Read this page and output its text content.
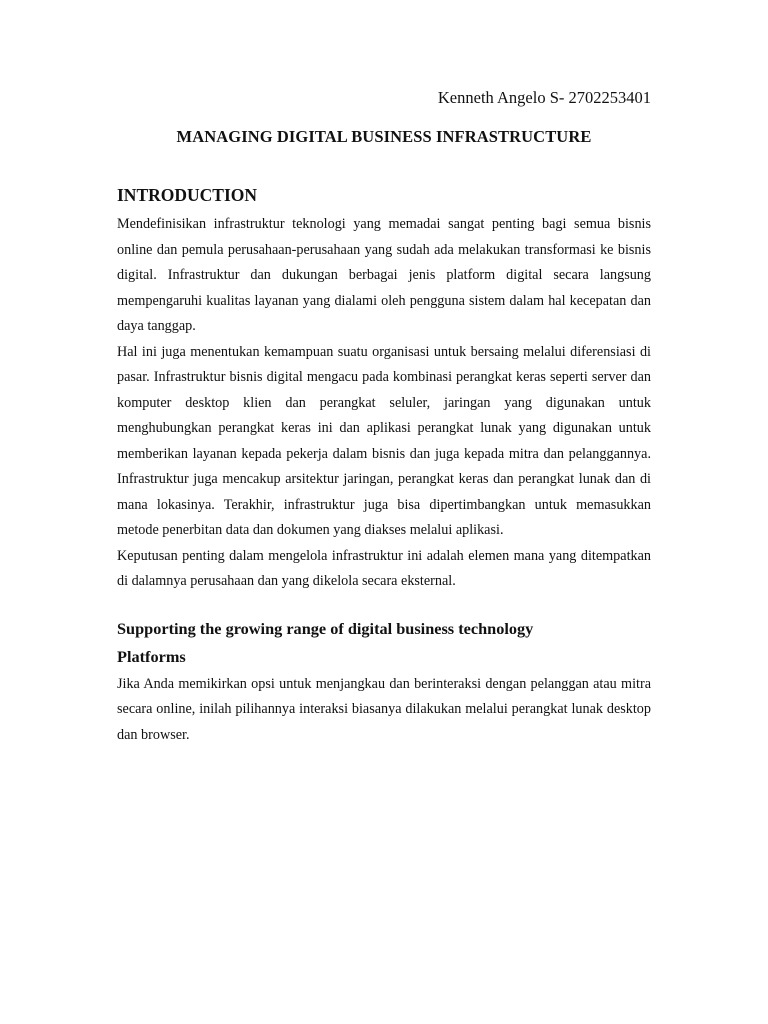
Kenneth Angelo S- 2702253401
MANAGING DIGITAL BUSINESS INFRASTRUCTURE
INTRODUCTION

Mendefinisikan infrastruktur teknologi yang memadai sangat penting bagi semua bisnis online dan pemula perusahaan-perusahaan yang sudah ada melakukan transformasi ke bisnis digital. Infrastruktur dan dukungan berbagai jenis platform digital secara langsung mempengaruhi kualitas layanan yang dialami oleh pengguna sistem dalam hal kecepatan dan daya tanggap.

Hal ini juga menentukan kemampuan suatu organisasi untuk bersaing melalui diferensiasi di pasar. Infrastruktur bisnis digital mengacu pada kombinasi perangkat keras seperti server dan komputer desktop klien dan perangkat seluler, jaringan yang digunakan untuk menghubungkan perangkat keras ini dan aplikasi perangkat lunak yang digunakan untuk memberikan layanan kepada pekerja dalam bisnis dan juga kepada mitra dan pelanggannya. Infrastruktur juga mencakup arsitektur jaringan, perangkat keras dan perangkat lunak dan di mana lokasinya. Terakhir, infrastruktur juga bisa dipertimbangkan untuk memasukkan metode penerbitan data dan dokumen yang diakses melalui aplikasi.

Keputusan penting dalam mengelola infrastruktur ini adalah elemen mana yang ditempatkan di dalamnya perusahaan dan yang dikelola secara eksternal.

Supporting the growing range of digital business technology
Platforms

Jika Anda memikirkan opsi untuk menjangkau dan berinteraksi dengan pelanggan atau mitra secara online, inilah pilihannya interaksi biasanya dilakukan melalui perangkat lunak desktop dan browser.
